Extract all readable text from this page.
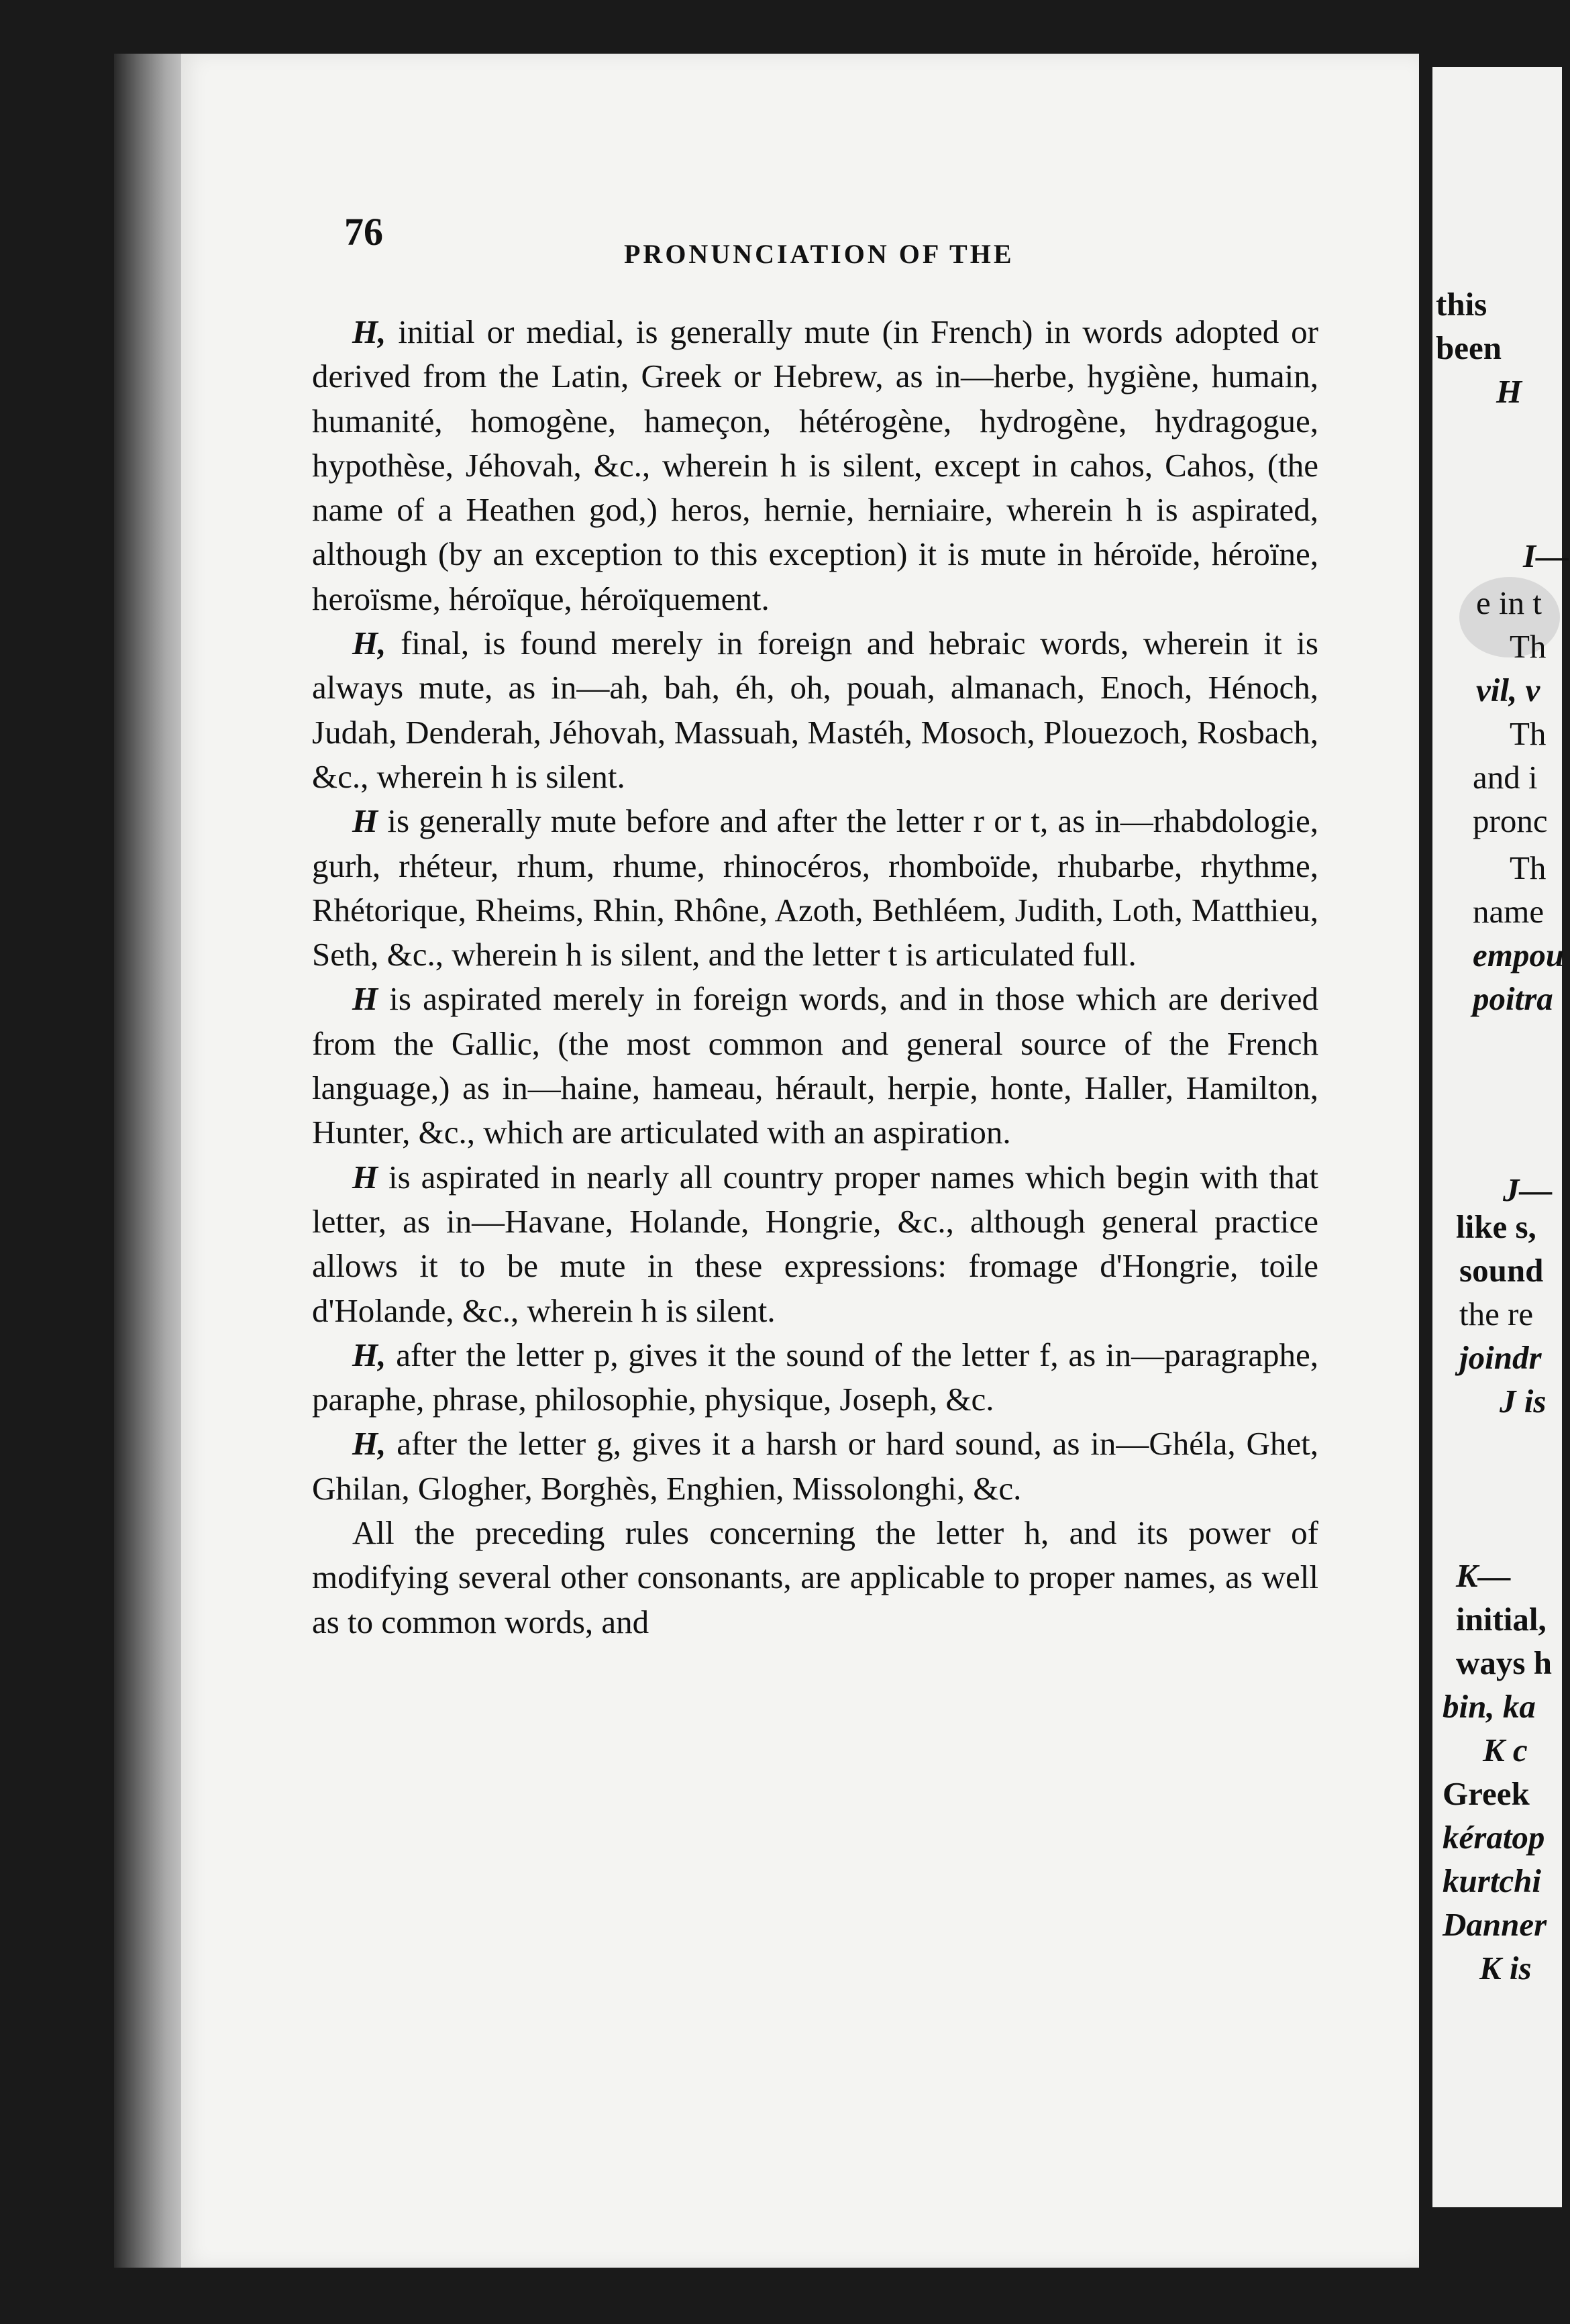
76
PRONUNCIATION OF THE

H, initial or medial, is generally mute (in French) in words adopted or derived from the Latin, Greek or Hebrew, as in—herbe, hygiène, humain, humanité, homogène, hameçon, hétérogène, hydrogène, hydragogue, hypothèse, Jéhovah, &c., wherein h is silent, except in cahos, Cahos, (the name of a Heathen god,) heros, hernie, herniaire, wherein h is aspirated, although (by an exception to this exception) it is mute in héroïde, héroïne, heroïsme, héroïque, héroïquement.

H, final, is found merely in foreign and hebraic words, wherein it is always mute, as in—ah, bah, éh, oh, pouah, almanach, Enoch, Hénoch, Judah, Denderah, Jéhovah, Massuah, Mastéh, Mosoch, Plouezoch, Rosbach, &c., wherein h is silent.

H is generally mute before and after the letter r or t, as in—rhabdologie, gurh, rhéteur, rhum, rhume, rhinocéros, rhomboïde, rhubarbe, rhythme, Rhétorique, Rheims, Rhin, Rhône, Azoth, Bethléem, Judith, Loth, Matthieu, Seth, &c., wherein h is silent, and the letter t is articulated full.

H is aspirated merely in foreign words, and in those which are derived from the Gallic, (the most common and general source of the French language,) as in—haine, hameau, hérault, herpie, honte, Haller, Hamilton, Hunter, &c., which are articulated with an aspiration.

H is aspirated in nearly all country proper names which begin with that letter, as in—Havane, Holande, Hongrie, &c., although general practice allows it to be mute in these expressions: fromage d'Hongrie, toile d'Holande, &c., wherein h is silent.

H, after the letter p, gives it the sound of the letter f, as in—paragraphe, paraphe, phrase, philosophie, physique, Joseph, &c.

H, after the letter g, gives it a harsh or hard sound, as in—Ghéla, Ghet, Ghilan, Glogher, Borghès, Enghien, Missolonghi, &c.

All the preceding rules concerning the letter h, and its power of modifying several other consonants, are applicable to proper names, as well as to common words, and

this
been
H
I—
e in t
Th
vil, v
Th
and i
pronc
Th
name
empou
poitra
J—
like s,
sound
the re
joindr
J is
K—
initial,
ways h
bin, ka
K c
Greek
kératop
kurtchi
Danner
K is
